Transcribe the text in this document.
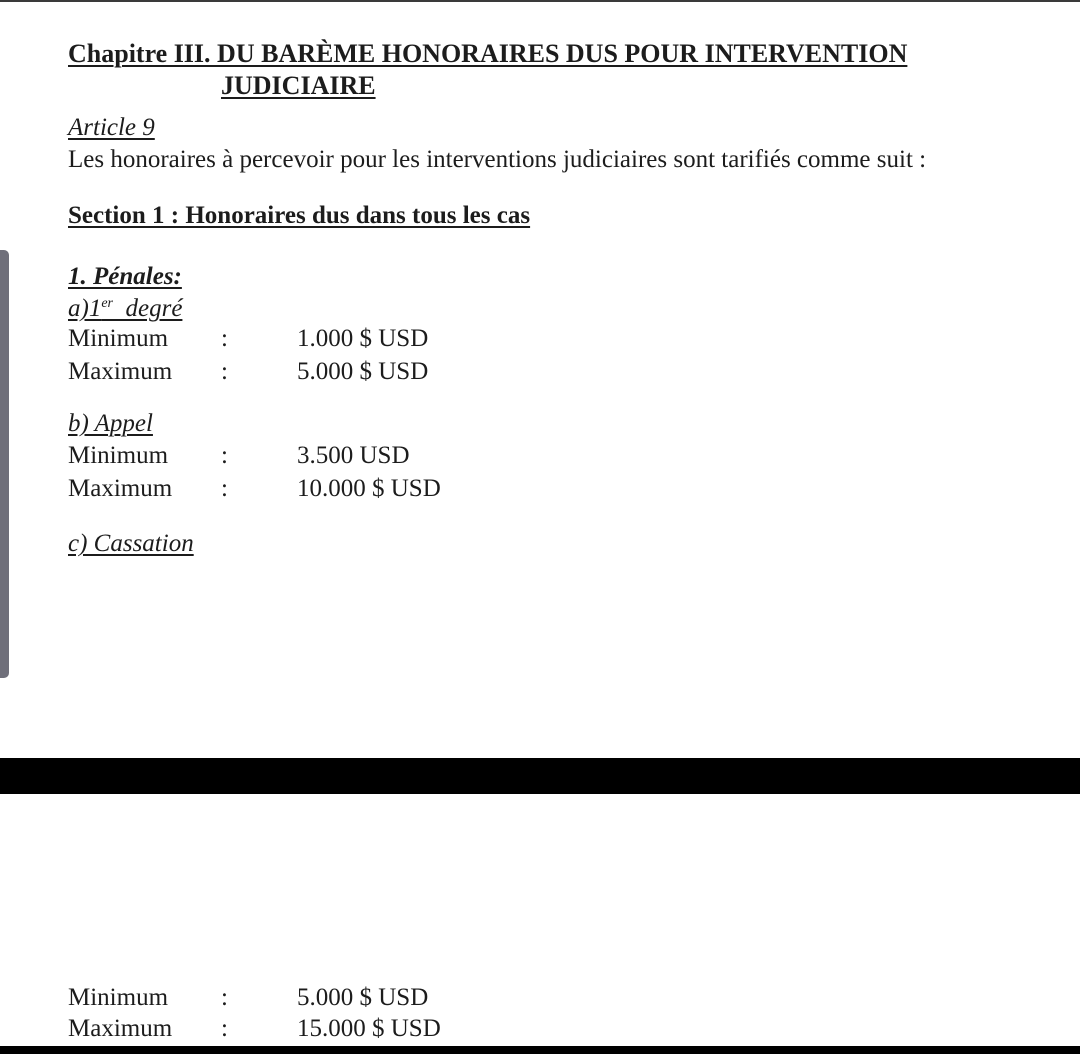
Chapitre III. DU BARÈME HONORAIRES DUS POUR INTERVENTION
JUDICIAIRE
Article 9
Les honoraires à percevoir pour les interventions judiciaires sont tarifiés comme suit :
Section 1 : Honoraires dus dans tous les cas
1. Pénales:
a)1er  degré
Minimum :	1.000 $ USD
Maximum :	5.000 $ USD
b) Appel
Minimum :	3.500 USD
Maximum :	10.000 $ USD
c) Cassation
Minimum :	5.000 $ USD
Maximum :	15.000 $ USD
